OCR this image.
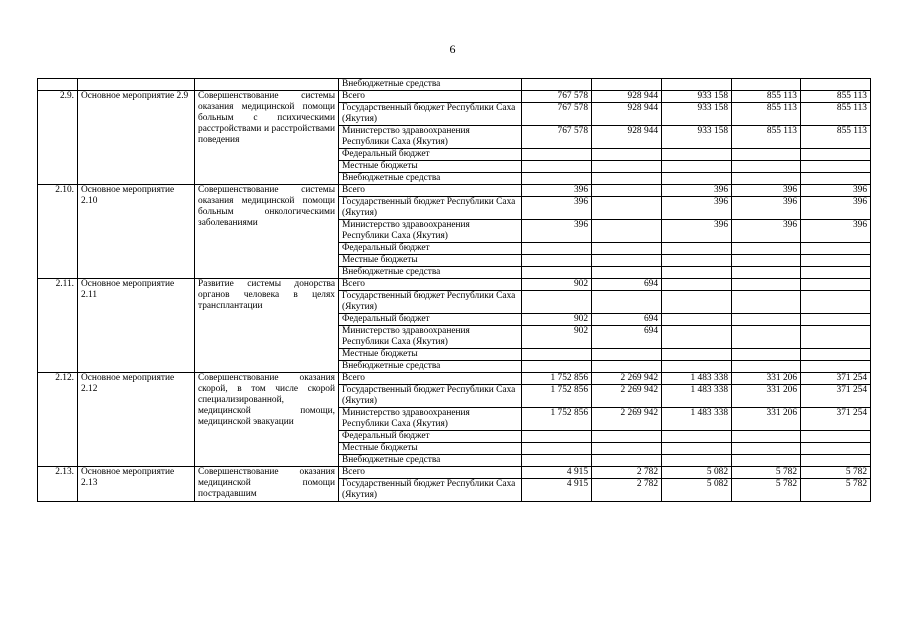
6
			Внебюджетные средства					
2.9.	Основное мероприятие 2.9	Совершенствование системы оказания медицинской помощи больным с психическими расстройствами и расстройствами поведения	Всего	767 578	928 944	933 158	855 113	855 113
			Государственный бюджет Республики Саха (Якутия)	767 578	928 944	933 158	855 113	855 113
			Министерство здравоохранения Республики Саха (Якутия)	767 578	928 944	933 158	855 113	855 113
			Федеральный бюджет					
			Местные бюджеты					
			Внебюджетные средства					
2.10.	Основное мероприятие 2.10	Совершенствование системы оказания медицинской помощи больным онкологическими заболеваниями	Всего	396		396	396	396
			Государственный бюджет Республики Саха (Якутия)	396		396	396	396
			Министерство здравоохранения Республики Саха (Якутия)	396		396	396	396
			Федеральный бюджет					
			Местные бюджеты					
			Внебюджетные средства					
2.11.	Основное мероприятие 2.11	Развитие системы донорства органов человека в целях трансплантации	Всего	902	694			
			Государственный бюджет Республики Саха (Якутия)					
			Федеральный бюджет	902	694			
			Министерство здравоохранения Республики Саха (Якутия)	902	694			
			Местные бюджеты					
			Внебюджетные средства					
2.12.	Основное мероприятие 2.12	Совершенствование оказания скорой, в том числе скорой специализированной, медицинской помощи, медицинской эвакуации	Всего	1 752 856	2 269 942	1 483 338	331 206	371 254
			Государственный бюджет Республики Саха (Якутия)	1 752 856	2 269 942	1 483 338	331 206	371 254
			Министерство здравоохранения Республики Саха (Якутия)	1 752 856	2 269 942	1 483 338	331 206	371 254
			Федеральный бюджет					
			Местные бюджеты					
			Внебюджетные средства					
2.13.	Основное мероприятие 2.13	Совершенствование оказания медицинской помощи пострадавшим	Всего	4 915	2 782	5 082	5 782	5 782
			Государственный бюджет Республики Саха (Якутия)	4 915	2 782	5 082	5 782	5 782
